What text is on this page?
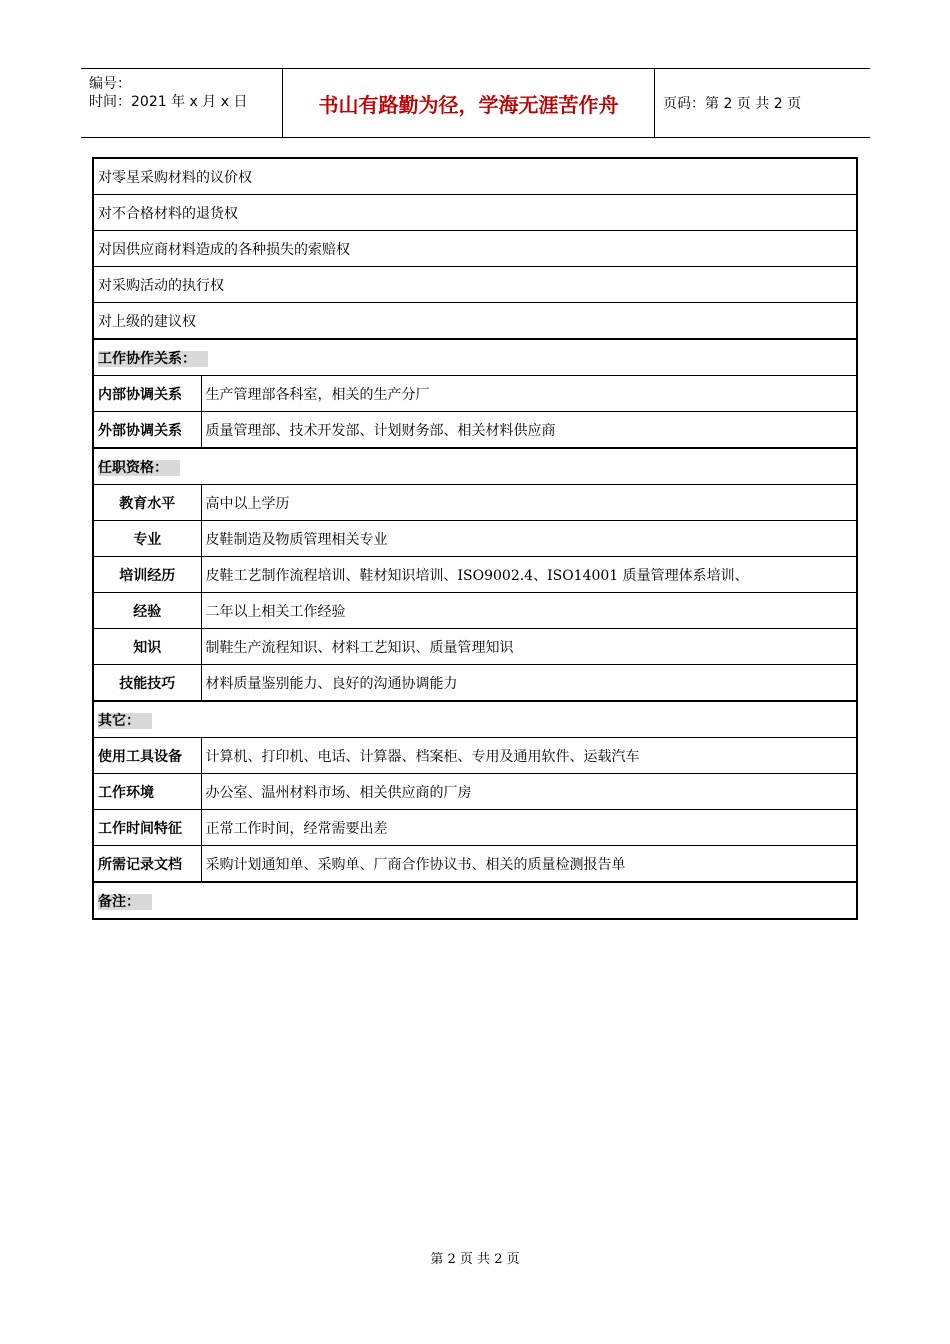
编号：
时间：2021 年 x 月 x 日	书山有路勤为径，学海无涯苦作舟	页码：第 2 页 共 2 页
对零星采购材料的议价权	
对不合格材料的退货权	
对因供应商材料造成的各种损失的索赔权	
对采购活动的执行权	
对上级的建议权	
工作协作关系：	
内部协调关系	生产管理部各科室，相关的生产分厂
外部协调关系	质量管理部、技术开发部、计划财务部、相关材料供应商
任职资格：	
教育水平	高中以上学历
专业	皮鞋制造及物质管理相关专业
培训经历	皮鞋工艺制作流程培训、鞋材知识培训、ISO9002.4、ISO14001 质量管理体系培训、
经验	二年以上相关工作经验
知识	制鞋生产流程知识、材料工艺知识、质量管理知识
技能技巧	材料质量鉴别能力、良好的沟通协调能力
其它：	
使用工具设备	计算机、打印机、电话、计算器、档案柜、专用及通用软件、运载汽车
工作环境	办公室、温州材料市场、相关供应商的厂房
工作时间特征	正常工作时间，经常需要出差
所需记录文档	采购计划通知单、采购单、厂商合作协议书、相关的质量检测报告单
备注：	
第 2 页 共 2 页
